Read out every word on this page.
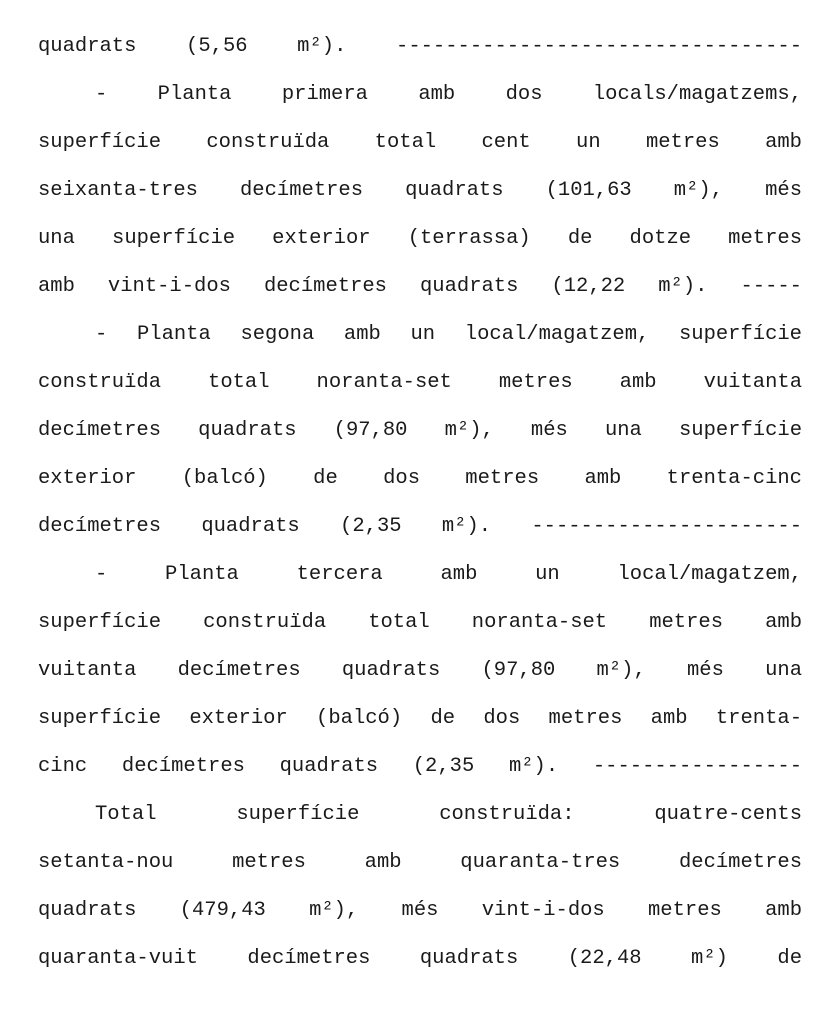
quadrats (5,56 m²). ---------------------------------
- Planta primera amb dos locals/magatzems,
superfície construïda total cent un metres amb
seixanta-tres decímetres quadrats (101,63 m²), més
una superfície exterior (terrassa) de dotze metres
amb vint-i-dos decímetres quadrats (12,22 m²). -----
- Planta segona amb un local/magatzem, superfície
construïda total noranta-set metres amb vuitanta
decímetres quadrats (97,80 m²), més una superfície
exterior (balcó) de dos metres amb trenta-cinc
decímetres quadrats (2,35 m²). ----------------------
- Planta tercera amb un local/magatzem,
superfície construïda total noranta-set metres amb
vuitanta decímetres quadrats (97,80 m²), més una
superfície exterior (balcó) de dos metres amb trenta-
cinc decímetres quadrats (2,35 m²). -----------------
Total superfície construïda: quatre-cents
setanta-nou metres amb quaranta-tres decímetres
quadrats (479,43 m²), més vint-i-dos metres amb
quaranta-vuit decímetres quadrats (22,48 m²) de
